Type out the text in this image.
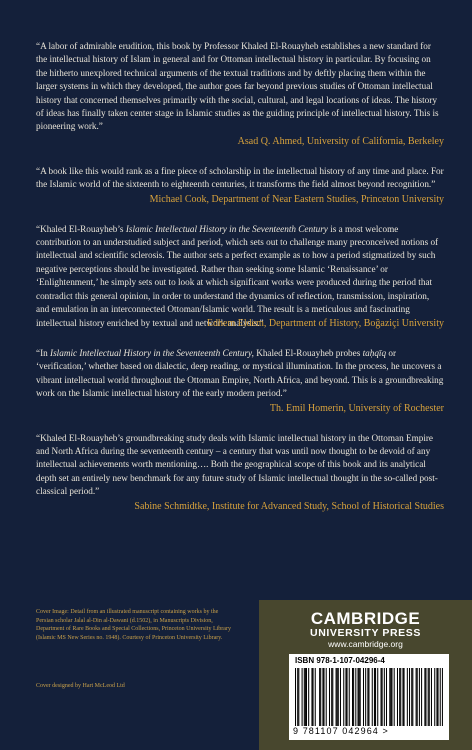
“A labor of admirable erudition, this book by Professor Khaled El-Rouayheb establishes a new standard for the intellectual history of Islam in general and for Ottoman intellectual history in particular. By focusing on the hitherto unexplored technical arguments of the textual traditions and by deftly placing them within the larger systems in which they developed, the author goes far beyond previous studies of Ottoman intellectual history that concerned themselves primarily with the social, cultural, and legal locations of ideas. The history of ideas has finally taken center stage in Islamic studies as the guiding principle of intellectual history. This is pioneering work.”

Asad Q. Ahmed, University of California, Berkeley

“A book like this would rank as a fine piece of scholarship in the intellectual history of any time and place. For the Islamic world of the sixteenth to eighteenth centuries, it transforms the field almost beyond recognition.”

Michael Cook, Department of Near Eastern Studies, Princeton University

“Khaled El-Rouayheb’s Islamic Intellectual History in the Seventeenth Century is a most welcome contribution to an understudied subject and period, which sets out to challenge many preconceived notions of intellectual and scientific sclerosis. The author sets a perfect example as to how a period stigmatized by such negative perceptions should be investigated. Rather than seeking some Islamic ‘Renaissance’ or ‘Enlightenment,’ he simply sets out to look at which significant works were produced during the period that contradict this general opinion, in order to understand the dynamics of reflection, transmission, inspiration, and emulation in an interconnected Ottoman/Islamic world. The result is a meticulous and fascinating intellectual history enriched by textual and network analysis.”

Edhem Eldem, Department of History, Boğaziçi University

“In Islamic Intellectual History in the Seventeenth Century, Khaled El-Rouayheb probes taḥqīq or ‘verification,’ whether based on dialectic, deep reading, or mystical illumination. In the process, he uncovers a vibrant intellectual world throughout the Ottoman Empire, North Africa, and beyond. This is a groundbreaking work on the Islamic intellectual history of the early modern period.”

Th. Emil Homerin, University of Rochester

“Khaled El-Rouayheb’s groundbreaking study deals with Islamic intellectual history in the Ottoman Empire and North Africa during the seventeenth century – a century that was until now thought to be devoid of any intellectual achievements worth mentioning…. Both the geographical scope of this book and its analytical depth set an entirely new benchmark for any future study of Islamic intellectual thought in the so-called post-classical period.”

Sabine Schmidtke, Institute for Advanced Study, School of Historical Studies
Cover Image: Detail from an illustrated manuscript containing works by the Persian scholar Jalal al-Din al-Dawani (d.1502), in Manuscripts Division, Department of Rare Books and Special Collections, Princeton University Library (Islamic MS New Series no. 1948). Courtesy of Princeton University Library.
Cover designed by Hart McLeod Ltd
CAMBRIDGE
UNIVERSITY PRESS
www.cambridge.org
ISBN 978-1-107-04296-4
9 781107 042964 >
